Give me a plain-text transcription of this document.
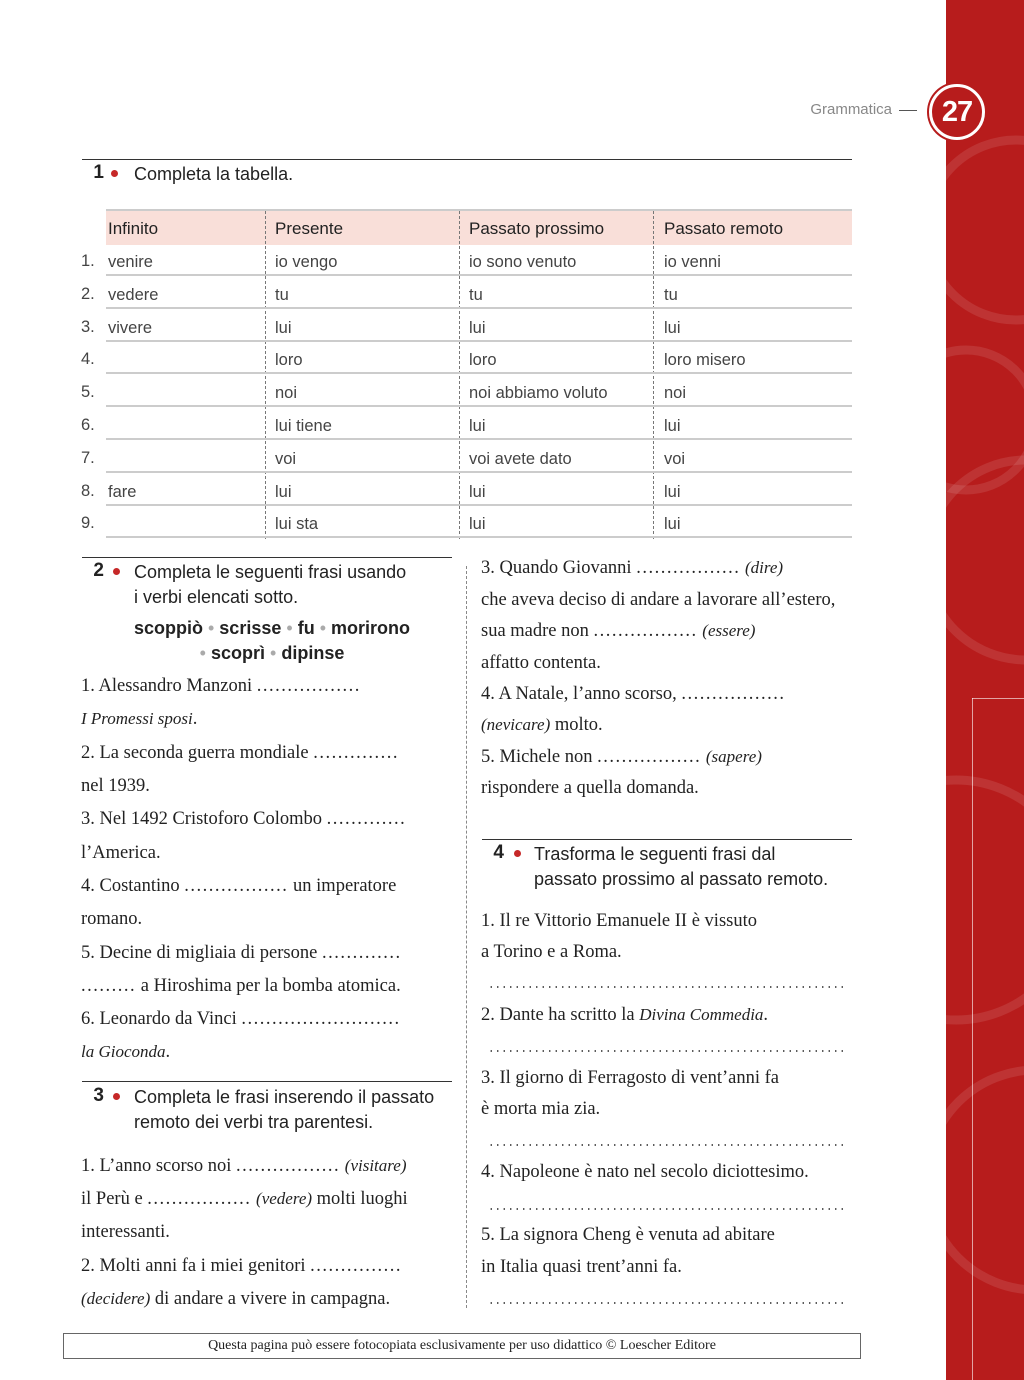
Grammatica	27
1 Completa la tabella.
Infinito	Presente	Passato prossimo	Passato remoto
1. venire	io vengo	io sono venuto	io venni
2. vedere	tu	tu	tu
3. vivere	lui	lui	lui
4.	loro	loro	loro misero
5.	noi	noi abbiamo voluto	noi
6.	lui tiene	lui	lui
7.	voi	voi avete dato	voi
8. fare	lui	lui	lui
9.	lui sta	lui	lui
2 Completa le seguenti frasi usando
i verbi elencati sotto.
scoppiò • scrisse • fu • morirono
• scoprì • dipinse
1. Alessandro Manzoni .................
I Promessi sposi.
2. La seconda guerra mondiale ..............
nel 1939.
3. Nel 1492 Cristoforo Colombo .............
l’America.
4. Costantino ................. un imperatore
romano.
5. Decine di migliaia di persone .............
......... a Hiroshima per la bomba atomica.
6. Leonardo da Vinci ..........................
la Gioconda.
3 Completa le frasi inserendo il passato
remoto dei verbi tra parentesi.
1. L’anno scorso noi ................. (visitare)
il Perù e ................. (vedere) molti luoghi
interessanti.
2. Molti anni fa i miei genitori ...............
(decidere) di andare a vivere in campagna.
3. Quando Giovanni ................. (dire)
che aveva deciso di andare a lavorare all’estero,
sua madre non ................. (essere)
affatto contenta.
4. A Natale, l’anno scorso, .................
(nevicare) molto.
5. Michele non ................. (sapere)
rispondere a quella domanda.
4 Trasforma le seguenti frasi dal
passato prossimo al passato remoto.
1. Il re Vittorio Emanuele II è vissuto
a Torino e a Roma.
2. Dante ha scritto la Divina Commedia.
3. Il giorno di Ferragosto di vent’anni fa
è morta mia zia.
4. Napoleone è nato nel secolo diciottesimo.
5. La signora Cheng è venuta ad abitare
in Italia quasi trent’anni fa.
Questa pagina può essere fotocopiata esclusivamente per uso didattico © Loescher Editore
